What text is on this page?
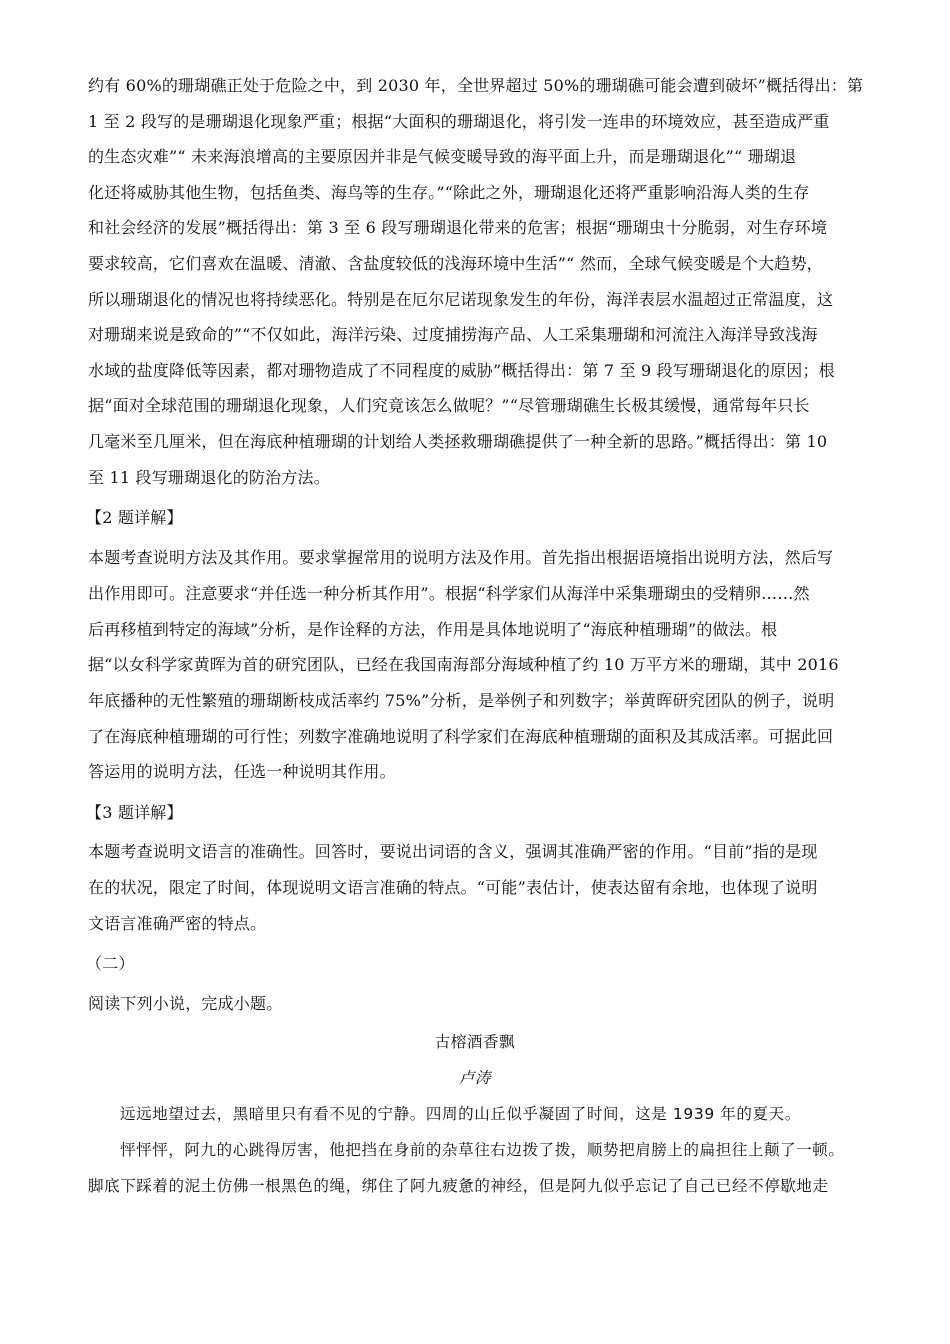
约有 60%的珊瑚礁正处于危险之中，到 2030 年，全世界超过 50%的珊瑚礁可能会遭到破坏”概括得出：第
1 至 2 段写的是珊瑚退化现象严重；根据“大面积的珊瑚退化，将引发一连串的环境效应，甚至造成严重
的生态灾难”“ 未来海浪增高的主要原因并非是气候变暖导致的海平面上升，而是珊瑚退化”“ 珊瑚退
化还将威胁其他生物，包括鱼类、海鸟等的生存。”“除此之外，珊瑚退化还将严重影响沿海人类的生存
和社会经济的发展”概括得出：第 3 至 6 段写珊瑚退化带来的危害；根据“珊瑚虫十分脆弱，对生存环境
要求较高，它们喜欢在温暖、清澈、含盐度较低的浅海环境中生活”“ 然而，全球气候变暖是个大趋势，
所以珊瑚退化的情况也将持续恶化。特别是在厄尔尼诺现象发生的年份，海洋表层水温超过正常温度，这
对珊瑚来说是致命的”“不仅如此，海洋污染、过度捕捞海产品、人工采集珊瑚和河流注入海洋导致浅海
水域的盐度降低等因素，都对珊物造成了不同程度的威胁”概括得出：第 7 至 9 段写珊瑚退化的原因；根
据“面对全球范围的珊瑚退化现象，人们究竟该怎么做呢？”“尽管珊瑚礁生长极其缓慢，通常每年只长
几毫米至几厘米，但在海底种植珊瑚的计划给人类拯救珊瑚礁提供了一种全新的思路。”概括得出：第 10
至 11 段写珊瑚退化的防治方法。
【2 题详解】
本题考查说明方法及其作用。要求掌握常用的说明方法及作用。首先指出根据语境指出说明方法，然后写
出作用即可。注意要求“并任选一种分析其作用”。根据“科学家们从海洋中采集珊瑚虫的受精卵……然
后再移植到特定的海域”分析，是作诠释的方法，作用是具体地说明了“海底种植珊瑚”的做法。根
据“以女科学家黄晖为首的研究团队，已经在我国南海部分海域种植了约 10 万平方米的珊瑚，其中 2016
年底播种的无性繁殖的珊瑚断枝成活率约 75%”分析，是举例子和列数字；举黄晖研究团队的例子，说明
了在海底种植珊瑚的可行性；列数字准确地说明了科学家们在海底种植珊瑚的面积及其成活率。可据此回
答运用的说明方法，任选一种说明其作用。
【3 题详解】
本题考查说明文语言的准确性。回答时，要说出词语的含义，强调其准确严密的作用。“目前”指的是现
在的状况，限定了时间，体现说明文语言准确的特点。“可能”表估计，使表达留有余地，也体现了说明
文语言准确严密的特点。
（二）
阅读下列小说，完成小题。
古榕酒香飘
卢涛
远远地望过去，黑暗里只有看不见的宁静。四周的山丘似乎凝固了时间，这是 1939 年的夏天。
怦怦怦，阿九的心跳得厉害，他把挡在身前的杂草往右边拨了拨，顺势把肩膀上的扁担往上颠了一顿。
脚底下踩着的泥土仿佛一根黑色的绳，绑住了阿九疲惫的神经，但是阿九似乎忘记了自己已经不停歇地走
